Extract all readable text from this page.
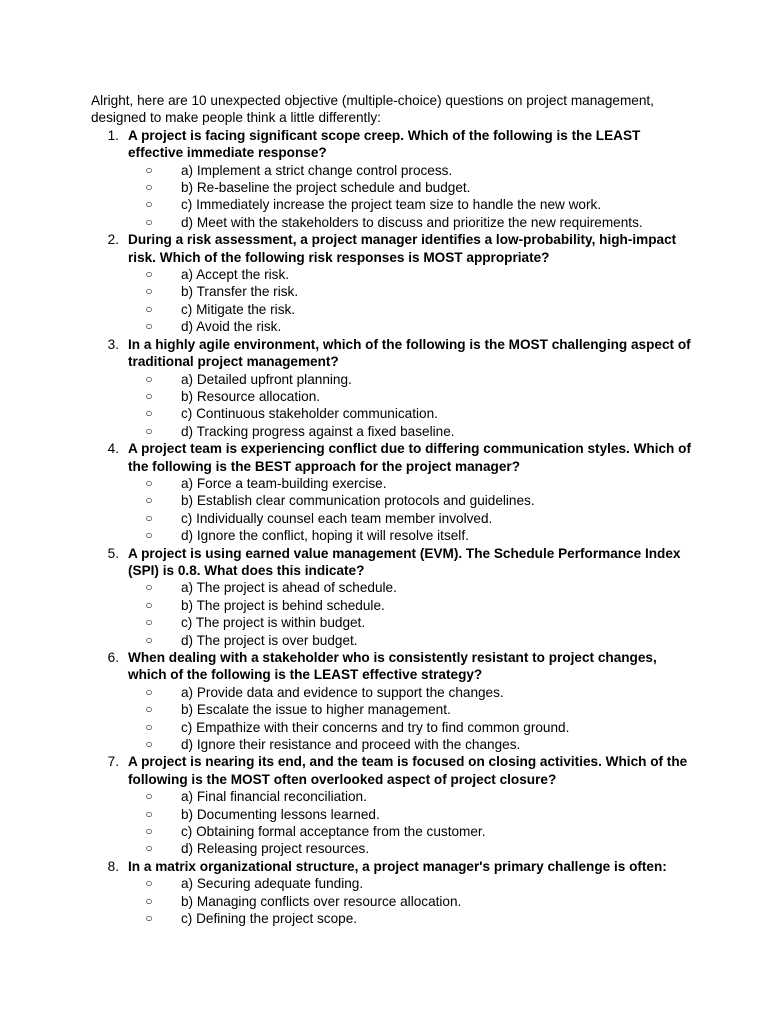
Alright, here are 10 unexpected objective (multiple-choice) questions on project management, designed to make people think a little differently:

1. A project is facing significant scope creep. Which of the following is the LEAST effective immediate response?

○ a) Implement a strict change control process.
○ b) Re-baseline the project schedule and budget.
○ c) Immediately increase the project team size to handle the new work.
○ d) Meet with the stakeholders to discuss and prioritize the new requirements.
2. During a risk assessment, a project manager identifies a low-probability, high-impact risk. Which of the following risk responses is MOST appropriate?

○ a) Accept the risk.
○ b) Transfer the risk.
○ c) Mitigate the risk.
○ d) Avoid the risk.
3. In a highly agile environment, which of the following is the MOST challenging aspect of traditional project management?

○ a) Detailed upfront planning.
○ b) Resource allocation.
○ c) Continuous stakeholder communication.
○ d) Tracking progress against a fixed baseline.
4. A project team is experiencing conflict due to differing communication styles. Which of the following is the BEST approach for the project manager?

○ a) Force a team-building exercise.
○ b) Establish clear communication protocols and guidelines.
○ c) Individually counsel each team member involved.
○ d) Ignore the conflict, hoping it will resolve itself.
5. A project is using earned value management (EVM). The Schedule Performance Index (SPI) is 0.8. What does this indicate?

○ a) The project is ahead of schedule.
○ b) The project is behind schedule.
○ c) The project is within budget.
○ d) The project is over budget.
6. When dealing with a stakeholder who is consistently resistant to project changes, which of the following is the LEAST effective strategy?

○ a) Provide data and evidence to support the changes.
○ b) Escalate the issue to higher management.
○ c) Empathize with their concerns and try to find common ground.
○ d) Ignore their resistance and proceed with the changes.
7. A project is nearing its end, and the team is focused on closing activities. Which of the following is the MOST often overlooked aspect of project closure?

○ a) Final financial reconciliation.
○ b) Documenting lessons learned.
○ c) Obtaining formal acceptance from the customer.
○ d) Releasing project resources.
8. In a matrix organizational structure, a project manager's primary challenge is often:

○ a) Securing adequate funding.
○ b) Managing conflicts over resource allocation.
○ c) Defining the project scope.
